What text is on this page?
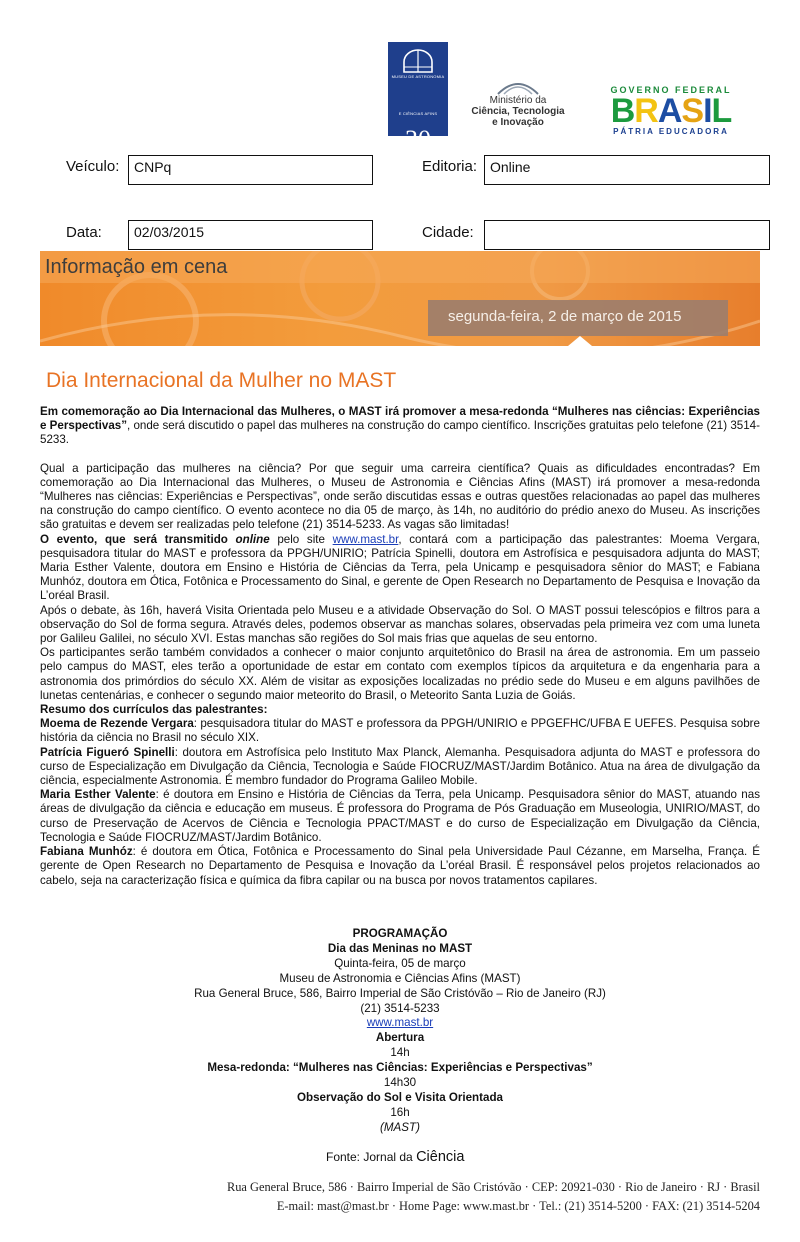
MUSEU DE ASTRONOMIA
E CIÊNCIAS AFINS
30
ANOS
Ministério da
Ciência, Tecnologia
e Inovação
GOVERNO FEDERAL
BRASIL
PÁTRIA EDUCADORA
Veículo:	CNPq	Editoria: Online
Data:	02/03/2015	Cidade:
Informação em cena
segunda-feira, 2 de março de 2015
Dia Internacional da Mulher no MAST

Em comemoração ao Dia Internacional das Mulheres, o MAST irá promover a mesa-redonda “Mulheres nas ciências: Experiências e Perspectivas”, onde será discutido o papel das mulheres na construção do campo científico. Inscrições gratuitas pelo telefone (21) 3514-5233.

Qual a participação das mulheres na ciência? Por que seguir uma carreira científica? Quais as dificuldades encontradas? Em comemoração ao Dia Internacional das Mulheres, o Museu de Astronomia e Ciências Afins (MAST) irá promover a mesa-redonda “Mulheres nas ciências: Experiências e Perspectivas”, onde serão discutidas essas e outras questões relacionadas ao papel das mulheres na construção do campo científico. O evento acontece no dia 05 de março, às 14h, no auditório do prédio anexo do Museu. As inscrições são gratuitas e devem ser realizadas pelo telefone (21) 3514-5233. As vagas são limitadas!

O evento, que será transmitido online pelo site www.mast.br, contará com a participação das palestrantes: Moema Vergara, pesquisadora titular do MAST e professora da PPGH/UNIRIO; Patrícia Spinelli, doutora em Astrofísica e pesquisadora adjunta do MAST; Maria Esther Valente, doutora em Ensino e História de Ciências da Terra, pela Unicamp e pesquisadora sênior do MAST; e Fabiana Munhóz, doutora em Ótica, Fotônica e Processamento do Sinal, e gerente de Open Research no Departamento de Pesquisa e Inovação da L’oréal Brasil.

Após o debate, às 16h, haverá Visita Orientada pelo Museu e a atividade Observação do Sol. O MAST possui telescópios e filtros para a observação do Sol de forma segura. Através deles, podemos observar as manchas solares, observadas pela primeira vez com uma luneta por Galileu Galilei, no século XVI. Estas manchas são regiões do Sol mais frias que aquelas de seu entorno.

Os participantes serão também convidados a conhecer o maior conjunto arquitetônico do Brasil na área de astronomia. Em um passeio pelo campus do MAST, eles terão a oportunidade de estar em contato com exemplos típicos da arquitetura e da engenharia para a astronomia dos primórdios do século XX. Além de visitar as exposições localizadas no prédio sede do Museu e em alguns pavilhões de lunetas centenárias, e conhecer o segundo maior meteorito do Brasil, o Meteorito Santa Luzia de Goiás.

Resumo dos currículos das palestrantes:

Moema de Rezende Vergara: pesquisadora titular do MAST e professora da PPGH/UNIRIO e PPGEFHC/UFBA E UEFES. Pesquisa sobre história da ciência no Brasil no século XIX.

Patrícia Figueró Spinelli: doutora em Astrofísica pelo Instituto Max Planck, Alemanha. Pesquisadora adjunta do MAST e professora do curso de Especialização em Divulgação da Ciência, Tecnologia e Saúde FIOCRUZ/MAST/Jardim Botânico. Atua na área de divulgação da ciência, especialmente Astronomia. É membro fundador do Programa Galileo Mobile.

Maria Esther Valente: é doutora em Ensino e História de Ciências da Terra, pela Unicamp. Pesquisadora sênior do MAST, atuando nas áreas de divulgação da ciência e educação em museus. É professora do Programa de Pós Graduação em Museologia, UNIRIO/MAST, do curso de Preservação de Acervos de Ciência e Tecnologia PPACT/MAST e do curso de Especialização em Divulgação da Ciência, Tecnologia e Saúde FIOCRUZ/MAST/Jardim Botânico.

Fabiana Munhóz: é doutora em Ótica, Fotônica e Processamento do Sinal pela Universidade Paul Cézanne, em Marselha, França. É gerente de Open Research no Departamento de Pesquisa e Inovação da L’oréal Brasil. É responsável pelos projetos relacionados ao cabelo, seja na caracterização física e química da fibra capilar ou na busca por novos tratamentos capilares.

PROGRAMAÇÃO
Dia das Meninas no MAST
Quinta-feira, 05 de março
Museu de Astronomia e Ciências Afins (MAST)
Rua General Bruce, 586, Bairro Imperial de São Cristóvão – Rio de Janeiro (RJ)
(21) 3514-5233
www.mast.br
Abertura
14h
Mesa-redonda: “Mulheres nas Ciências: Experiências e Perspectivas”
14h30
Observação do Sol e Visita Orientada
16h
(MAST)
Fonte: Jornal da Ciência
Rua General Bruce, 586 · Bairro Imperial de São Cristóvão · CEP: 20921-030 · Rio de Janeiro · RJ · Brasil
E-mail: mast@mast.br · Home Page: www.mast.br · Tel.: (21) 3514-5200 · FAX: (21) 3514-5204
